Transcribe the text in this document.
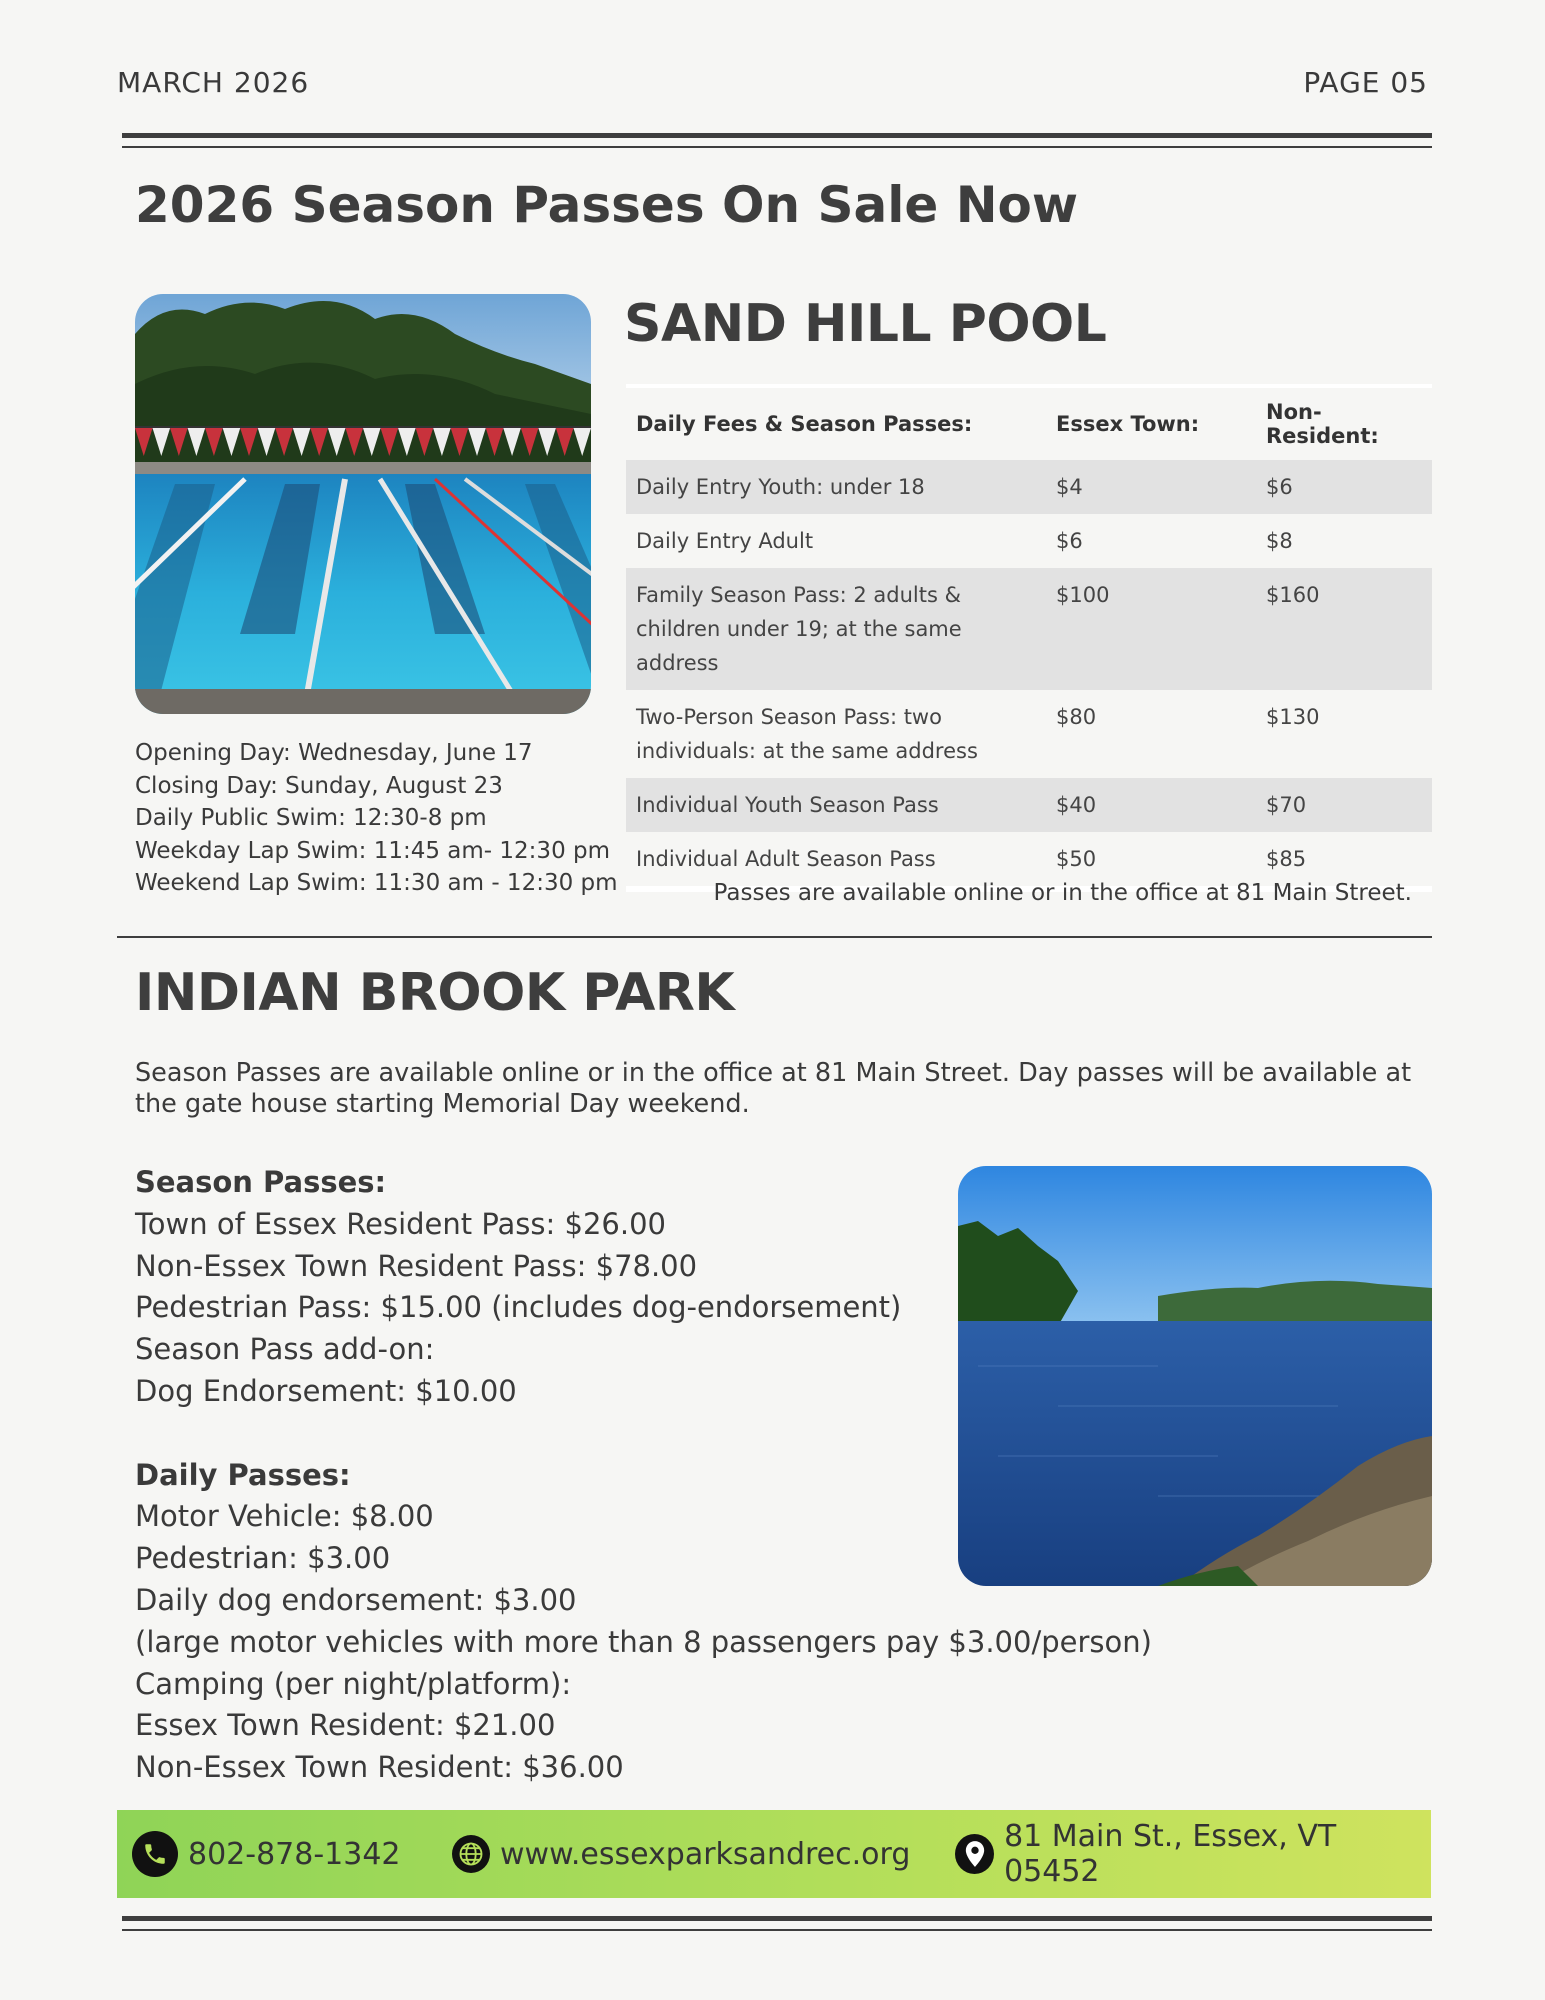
MARCH 2026	PAGE 05
2026 Season Passes On Sale Now
Opening Day: Wednesday, June 17
Closing Day: Sunday, August 23
Daily Public Swim: 12:30-8 pm
Weekday Lap Swim: 11:45 am- 12:30 pm
Weekend Lap Swim: 11:30 am - 12:30 pm
SAND HILL POOL
Daily Fees & Season Passes:	Essex Town:	Non-Resident:
Daily Entry Youth: under 18	$4	$6
Daily Entry Adult	$6	$8
Family Season Pass: 2 adults & children under 19; at the same address	$100	$160
Two-Person Season Pass: two individuals: at the same address	$80	$130
Individual Youth Season Pass	$40	$70
Individual Adult Season Pass	$50	$85
Passes are available online or in the office at 81 Main Street.
INDIAN BROOK PARK
Season Passes are available online or in the office at 81 Main Street. Day passes will be available at the gate house starting Memorial Day weekend.
Season Passes:
Town of Essex Resident Pass: $26.00
Non-Essex Town Resident Pass: $78.00
Pedestrian Pass: $15.00 (includes dog-endorsement)
Season Pass add-on:
Dog Endorsement: $10.00
Daily Passes:
Motor Vehicle: $8.00
Pedestrian: $3.00
Daily dog endorsement: $3.00
(large motor vehicles with more than 8 passengers pay $3.00/person)
Camping (per night/platform):
Essex Town Resident: $21.00
Non-Essex Town Resident: $36.00
802-878-1342	www.essexparksandrec.org	81 Main St., Essex, VT 05452
